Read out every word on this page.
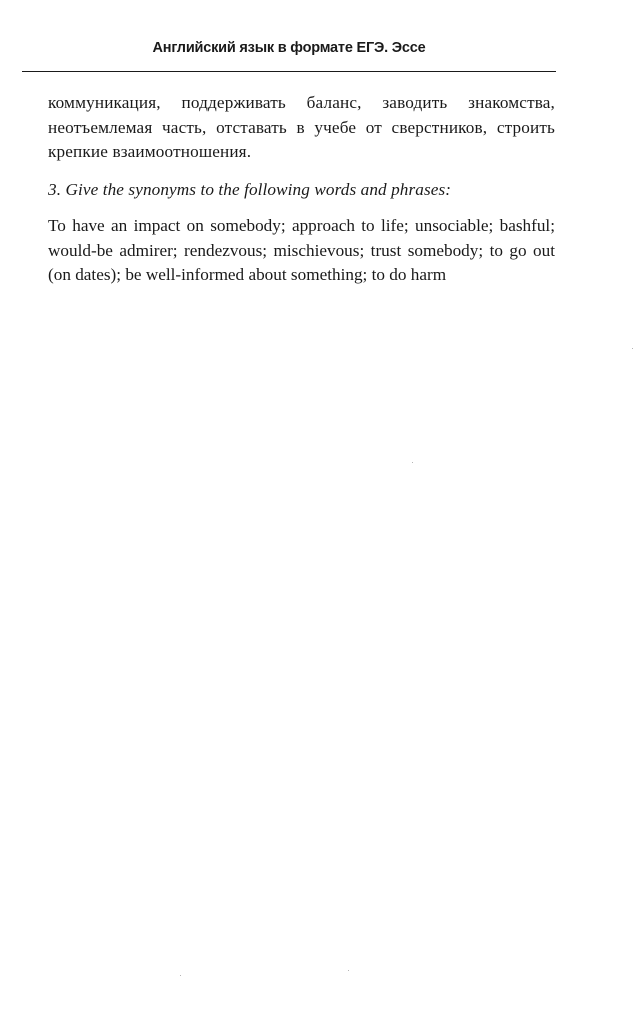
Английский язык в формате ЕГЭ. Эссе

коммуникация, поддерживать баланс, заводить знакомства, неотъемлемая часть, отставать в учебе от сверстников, строить крепкие взаимоотношения.

3. Give the synonyms to the following words and phrases:

To have an impact on somebody; approach to life; unsociable; bashful; would-be admirer; rendezvous; mischievous; trust somebody; to go out (on dates); be well-informed about something; to do harm
